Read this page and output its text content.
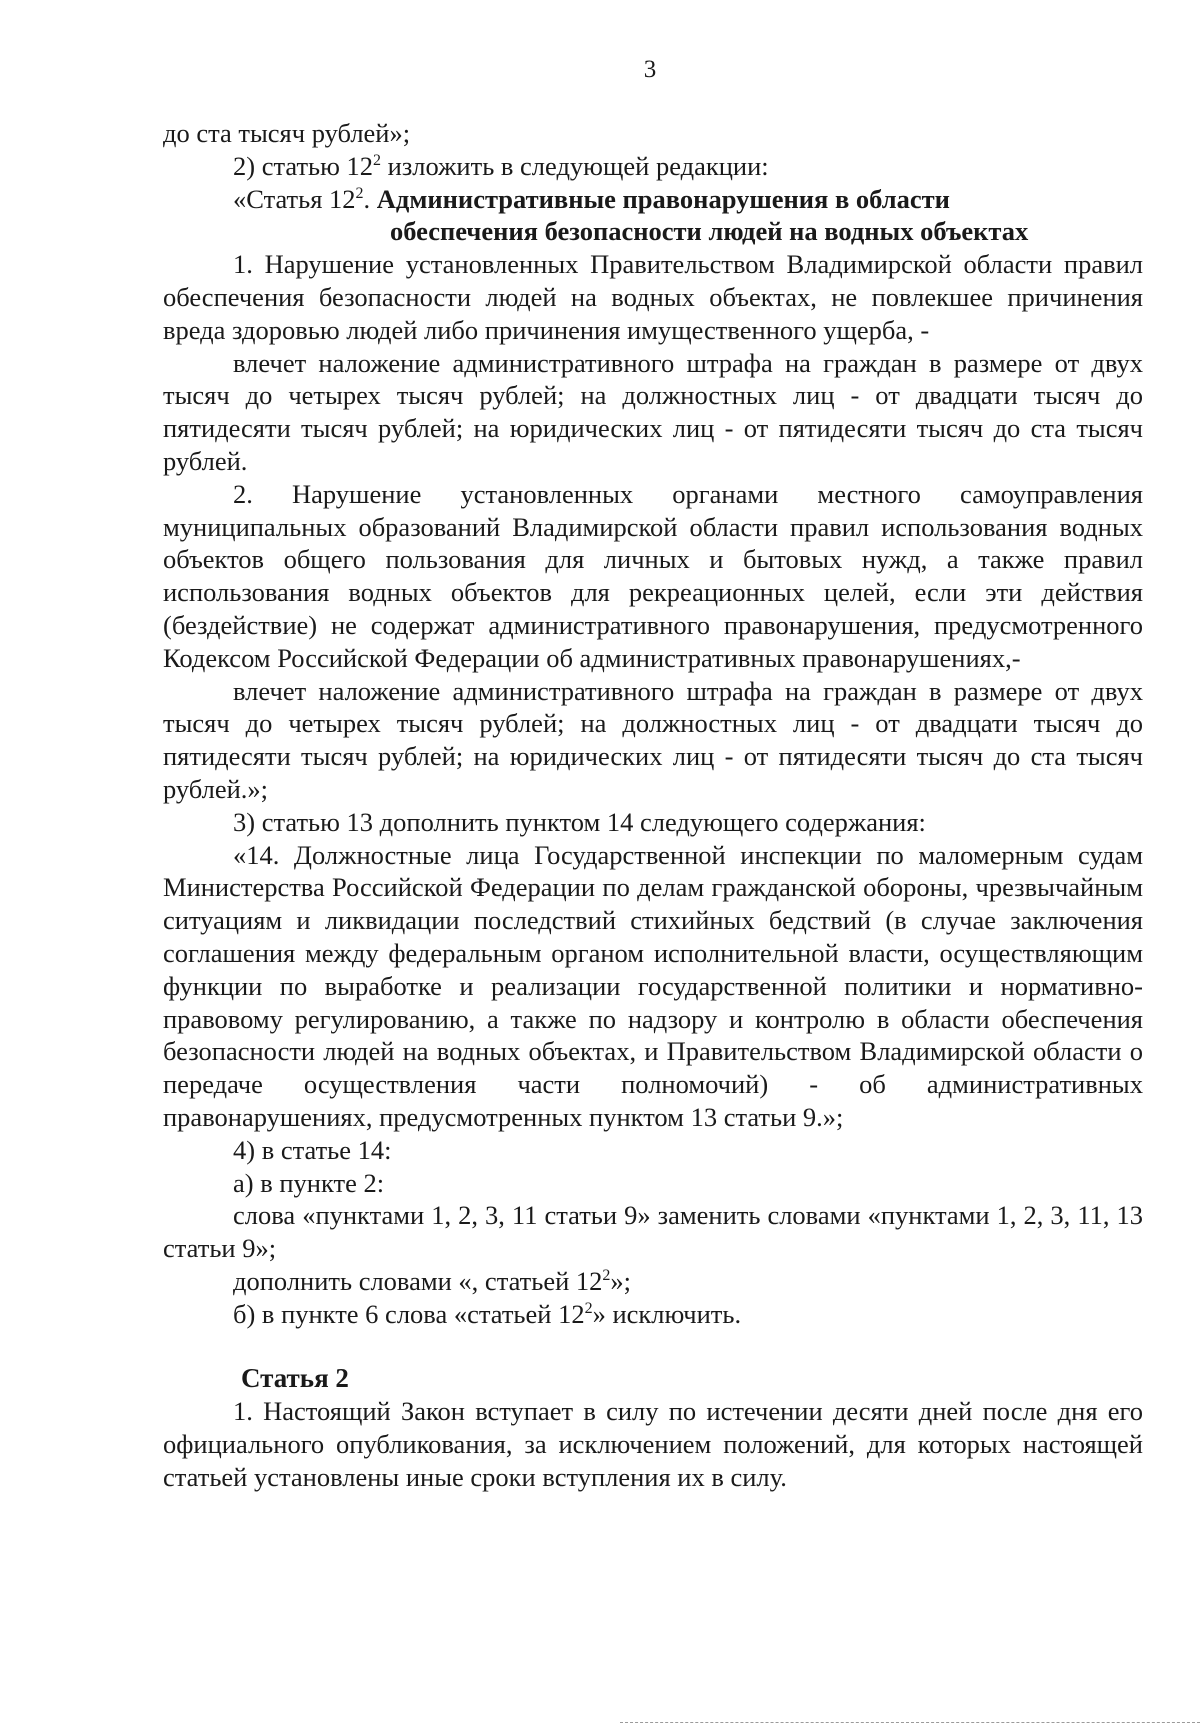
3

до ста тысяч рублей»;

2) статью $12^2$ изложить в следующей редакции:

«Статья $12^2$. Административные правонарушения в области

обеспечения безопасности людей на водных объектах

1. Нарушение установленных Правительством Владимирской области правил обеспечения безопасности людей на водных объектах, не повлекшее причинения вреда здоровью людей либо причинения имущественного ущерба, -

влечет наложение административного штрафа на граждан в размере от двух тысяч до четырех тысяч рублей; на должностных лиц - от двадцати тысяч до пятидесяти тысяч рублей; на юридических лиц - от пятидесяти тысяч до ста тысяч рублей.

2. Нарушение установленных органами местного самоуправления муниципальных образований Владимирской области правил использования водных объектов общего пользования для личных и бытовых нужд, а также правил использования водных объектов для рекреационных целей, если эти действия (бездействие) не содержат административного правонарушения, предусмотренного Кодексом Российской Федерации об административных правонарушениях,-

влечет наложение административного штрафа на граждан в размере от двух тысяч до четырех тысяч рублей; на должностных лиц - от двадцати тысяч до пятидесяти тысяч рублей; на юридических лиц - от пятидесяти тысяч до ста тысяч рублей.»;

3) статью 13 дополнить пунктом 14 следующего содержания:

«14. Должностные лица Государственной инспекции по маломерным судам Министерства Российской Федерации по делам гражданской обороны, чрезвычайным ситуациям и ликвидации последствий стихийных бедствий (в случае заключения соглашения между федеральным органом исполнительной власти, осуществляющим функции по выработке и реализации государственной политики и нормативно-правовому регулированию, а также по надзору и контролю в области обеспечения безопасности людей на водных объектах, и Правительством Владимирской области о передаче осуществления части полномочий) - об административных правонарушениях, предусмотренных пунктом 13 статьи 9.»;

4) в статье 14:

а) в пункте 2:

слова «пунктами 1, 2, 3, 11 статьи 9» заменить словами «пунктами 1, 2, 3, 11, 13 статьи 9»;

дополнить словами «, статьей $12^2$»;

б) в пункте 6 слова «статьей $12^2$» исключить.

Статья 2

1. Настоящий Закон вступает в силу по истечении десяти дней после дня его официального опубликования, за исключением положений, для которых настоящей статьей установлены иные сроки вступления их в силу.
